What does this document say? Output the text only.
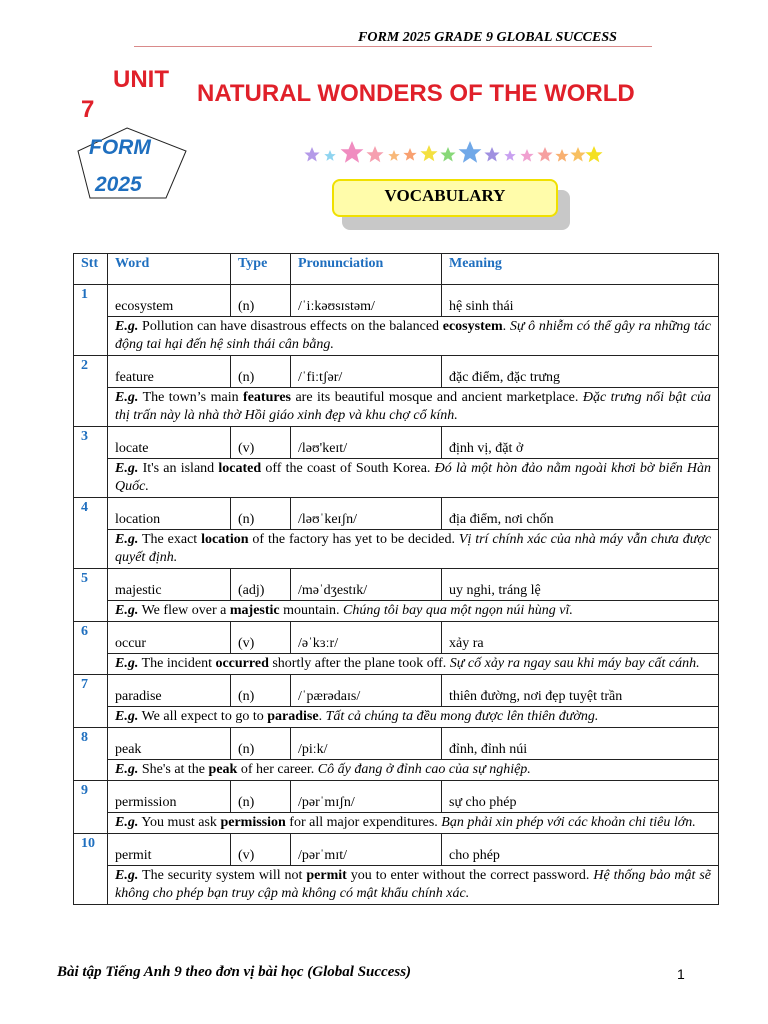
FORM 2025 GRADE 9 GLOBAL SUCCESS
UNIT
7
NATURAL WONDERS OF THE WORLD
FORM
2025	VOCABULARY
Stt	Word	Type	Pronunciation	Meaning
1	ecosystem	(n)	/ˈiːkəʊsɪstəm/	hệ sinh thái
	E.g. Pollution can have disastrous effects on the balanced ecosystem. Sự ô nhiễm có thể gây ra những tác động tai hại đến hệ sinh thái cân bằng.			
2	feature	(n)	/ˈfiːtʃər/	đặc điểm, đặc trưng
	E.g. The town’s main features are its beautiful mosque and ancient marketplace. Đặc trưng nổi bật của thị trấn này là nhà thờ Hồi giáo xinh đẹp và khu chợ cổ kính.			
3	locate	(v)	/ləʊ'keɪt/	định vị, đặt ở
	E.g. It's an island located off the coast of South Korea. Đó là một hòn đảo nằm ngoài khơi bờ biển Hàn Quốc.			
4	location	(n)	/ləʊˈkeɪʃn/	địa điểm, nơi chốn
	E.g. The exact location of the factory has yet to be decided. Vị trí chính xác của nhà máy vẫn chưa được quyết định.			
5	majestic	(adj)	/məˈdʒestɪk/	uy nghi, tráng lệ
	E.g. We flew over a majestic mountain. Chúng tôi bay qua một ngọn núi hùng vĩ.			
6	occur	(v)	/əˈkɜːr/	xảy ra
	E.g. The incident occurred shortly after the plane took off. Sự cố xảy ra ngay sau khi máy bay cất cánh.			
7	paradise	(n)	/ˈpærədaɪs/	thiên đường, nơi đẹp tuyệt trần
	E.g. We all expect to go to paradise. Tất cả chúng ta đều mong được lên thiên đường.			
8	peak	(n)	/piːk/	đỉnh, đỉnh núi
	E.g. She's at the peak of her career. Cô ấy đang ở đỉnh cao của sự nghiệp.			
9	permission	(n)	/pərˈmɪʃn/	sự cho phép
	E.g. You must ask permission for all major expenditures. Bạn phải xin phép với các khoản chi tiêu lớn.			
10	permit	(v)	/pərˈmɪt/	cho phép
	E.g. The security system will not permit you to enter without the correct password. Hệ thống bảo mật sẽ không cho phép bạn truy cập mà không có mật khẩu chính xác.			
Bài tập Tiếng Anh 9 theo đơn vị bài học (Global Success)	1
